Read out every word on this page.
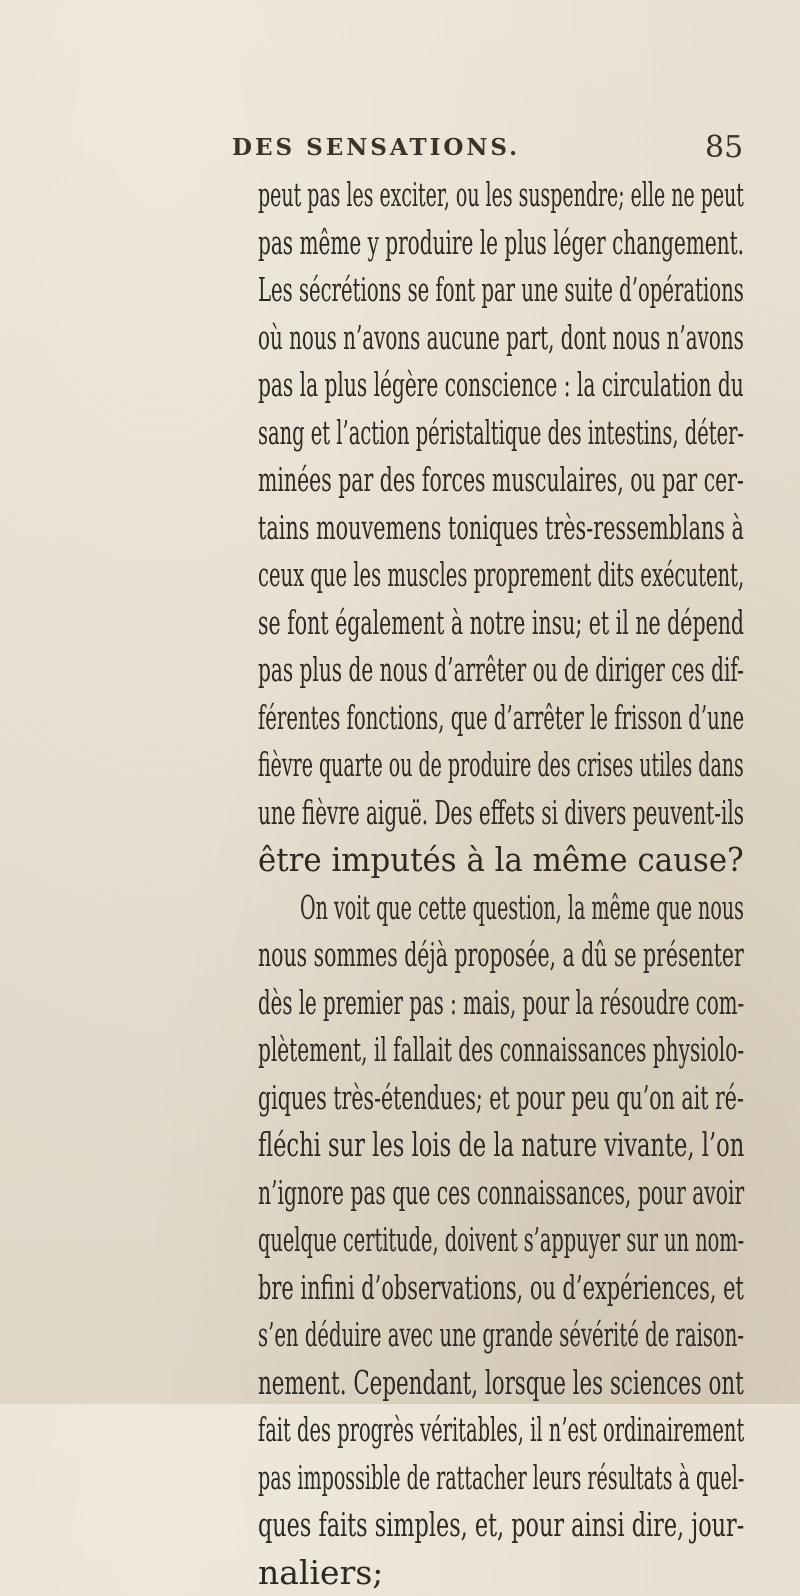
DES SENSATIONS.	85
peut pas les exciter, ou les suspendre; elle ne peut
pas même y produire le plus léger changement.
Les sécrétions se font par une suite d’opérations
où nous n’avons aucune part, dont nous n’avons
pas la plus légère conscience : la circulation du
sang et l’action péristaltique des intestins, déter-
minées par des forces musculaires, ou par cer-
tains mouvemens toniques très-ressemblans à
ceux que les muscles proprement dits exécutent,
se font également à notre insu; et il ne dépend
pas plus de nous d’arrêter ou de diriger ces dif-
férentes fonctions, que d’arrêter le frisson d’une
fièvre quarte ou de produire des crises utiles dans
une fièvre aiguë. Des effets si divers peuvent-ils
être imputés à la même cause?
On voit que cette question, la même que nous
nous sommes déjà proposée, a dû se présenter
dès le premier pas : mais, pour la résoudre com-
plètement, il fallait des connaissances physiolo-
giques très-étendues; et pour peu qu’on ait ré-
fléchi sur les lois de la nature vivante, l’on
n’ignore pas que ces connaissances, pour avoir
quelque certitude, doivent s’appuyer sur un nom-
bre infini d’observations, ou d’expériences, et
s’en déduire avec une grande sévérité de raison-
nement. Cependant, lorsque les sciences ont
fait des progrès véritables, il n’est ordinairement
pas impossible de rattacher leurs résultats à quel-
ques faits simples, et, pour ainsi dire, jour-
naliers;
